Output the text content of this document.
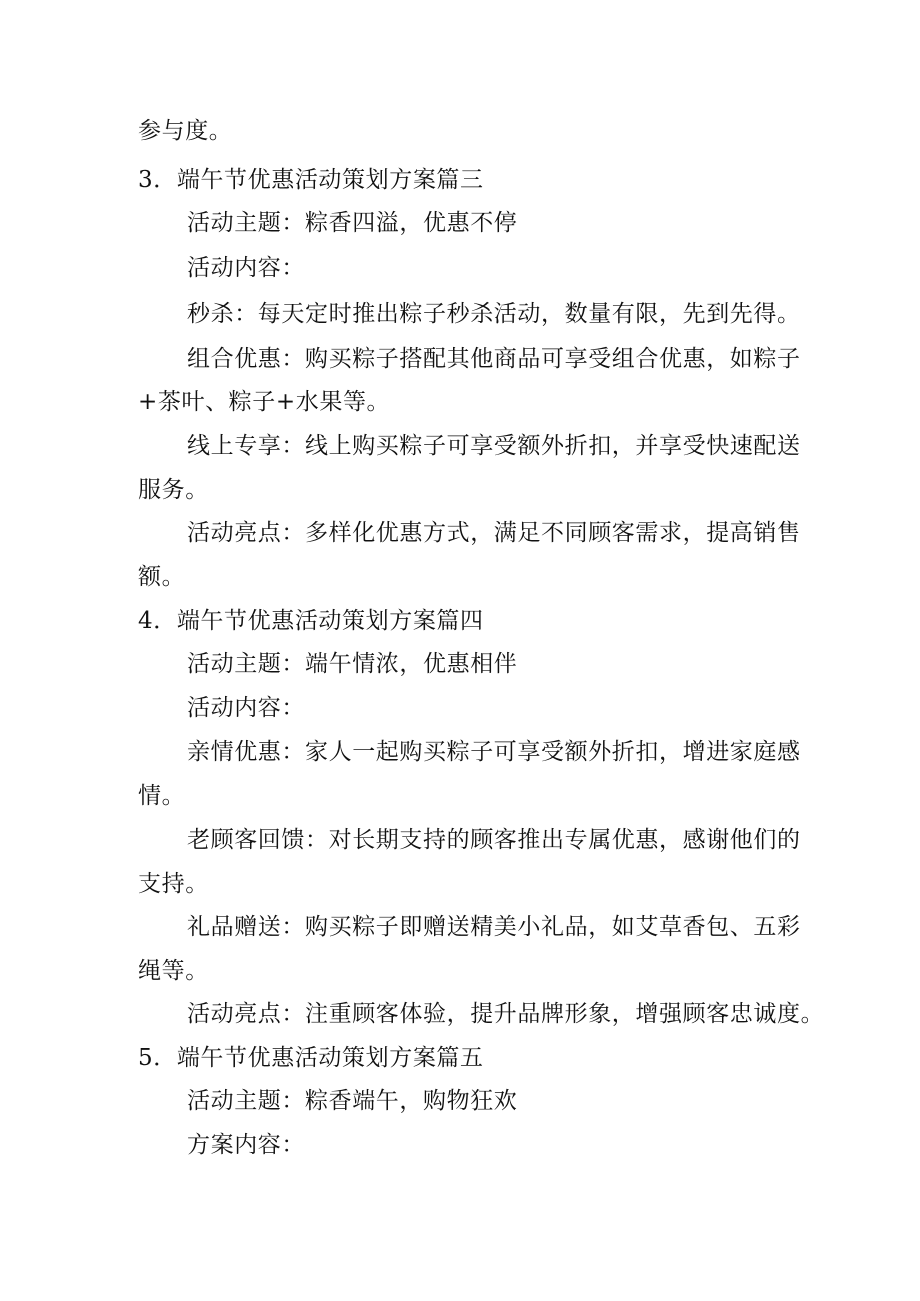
参与度。
3．端午节优惠活动策划方案篇三
活动主题：粽香四溢，优惠不停
活动内容：
秒杀：每天定时推出粽子秒杀活动，数量有限，先到先得。
组合优惠：购买粽子搭配其他商品可享受组合优惠，如粽子
+茶叶、粽子+水果等。
线上专享：线上购买粽子可享受额外折扣，并享受快速配送
服务。
活动亮点：多样化优惠方式，满足不同顾客需求，提高销售
额。
4．端午节优惠活动策划方案篇四
活动主题：端午情浓，优惠相伴
活动内容：
亲情优惠：家人一起购买粽子可享受额外折扣，增进家庭感
情。
老顾客回馈：对长期支持的顾客推出专属优惠，感谢他们的
支持。
礼品赠送：购买粽子即赠送精美小礼品，如艾草香包、五彩
绳等。
活动亮点：注重顾客体验，提升品牌形象，增强顾客忠诚度。
5．端午节优惠活动策划方案篇五
活动主题：粽香端午，购物狂欢
方案内容：
